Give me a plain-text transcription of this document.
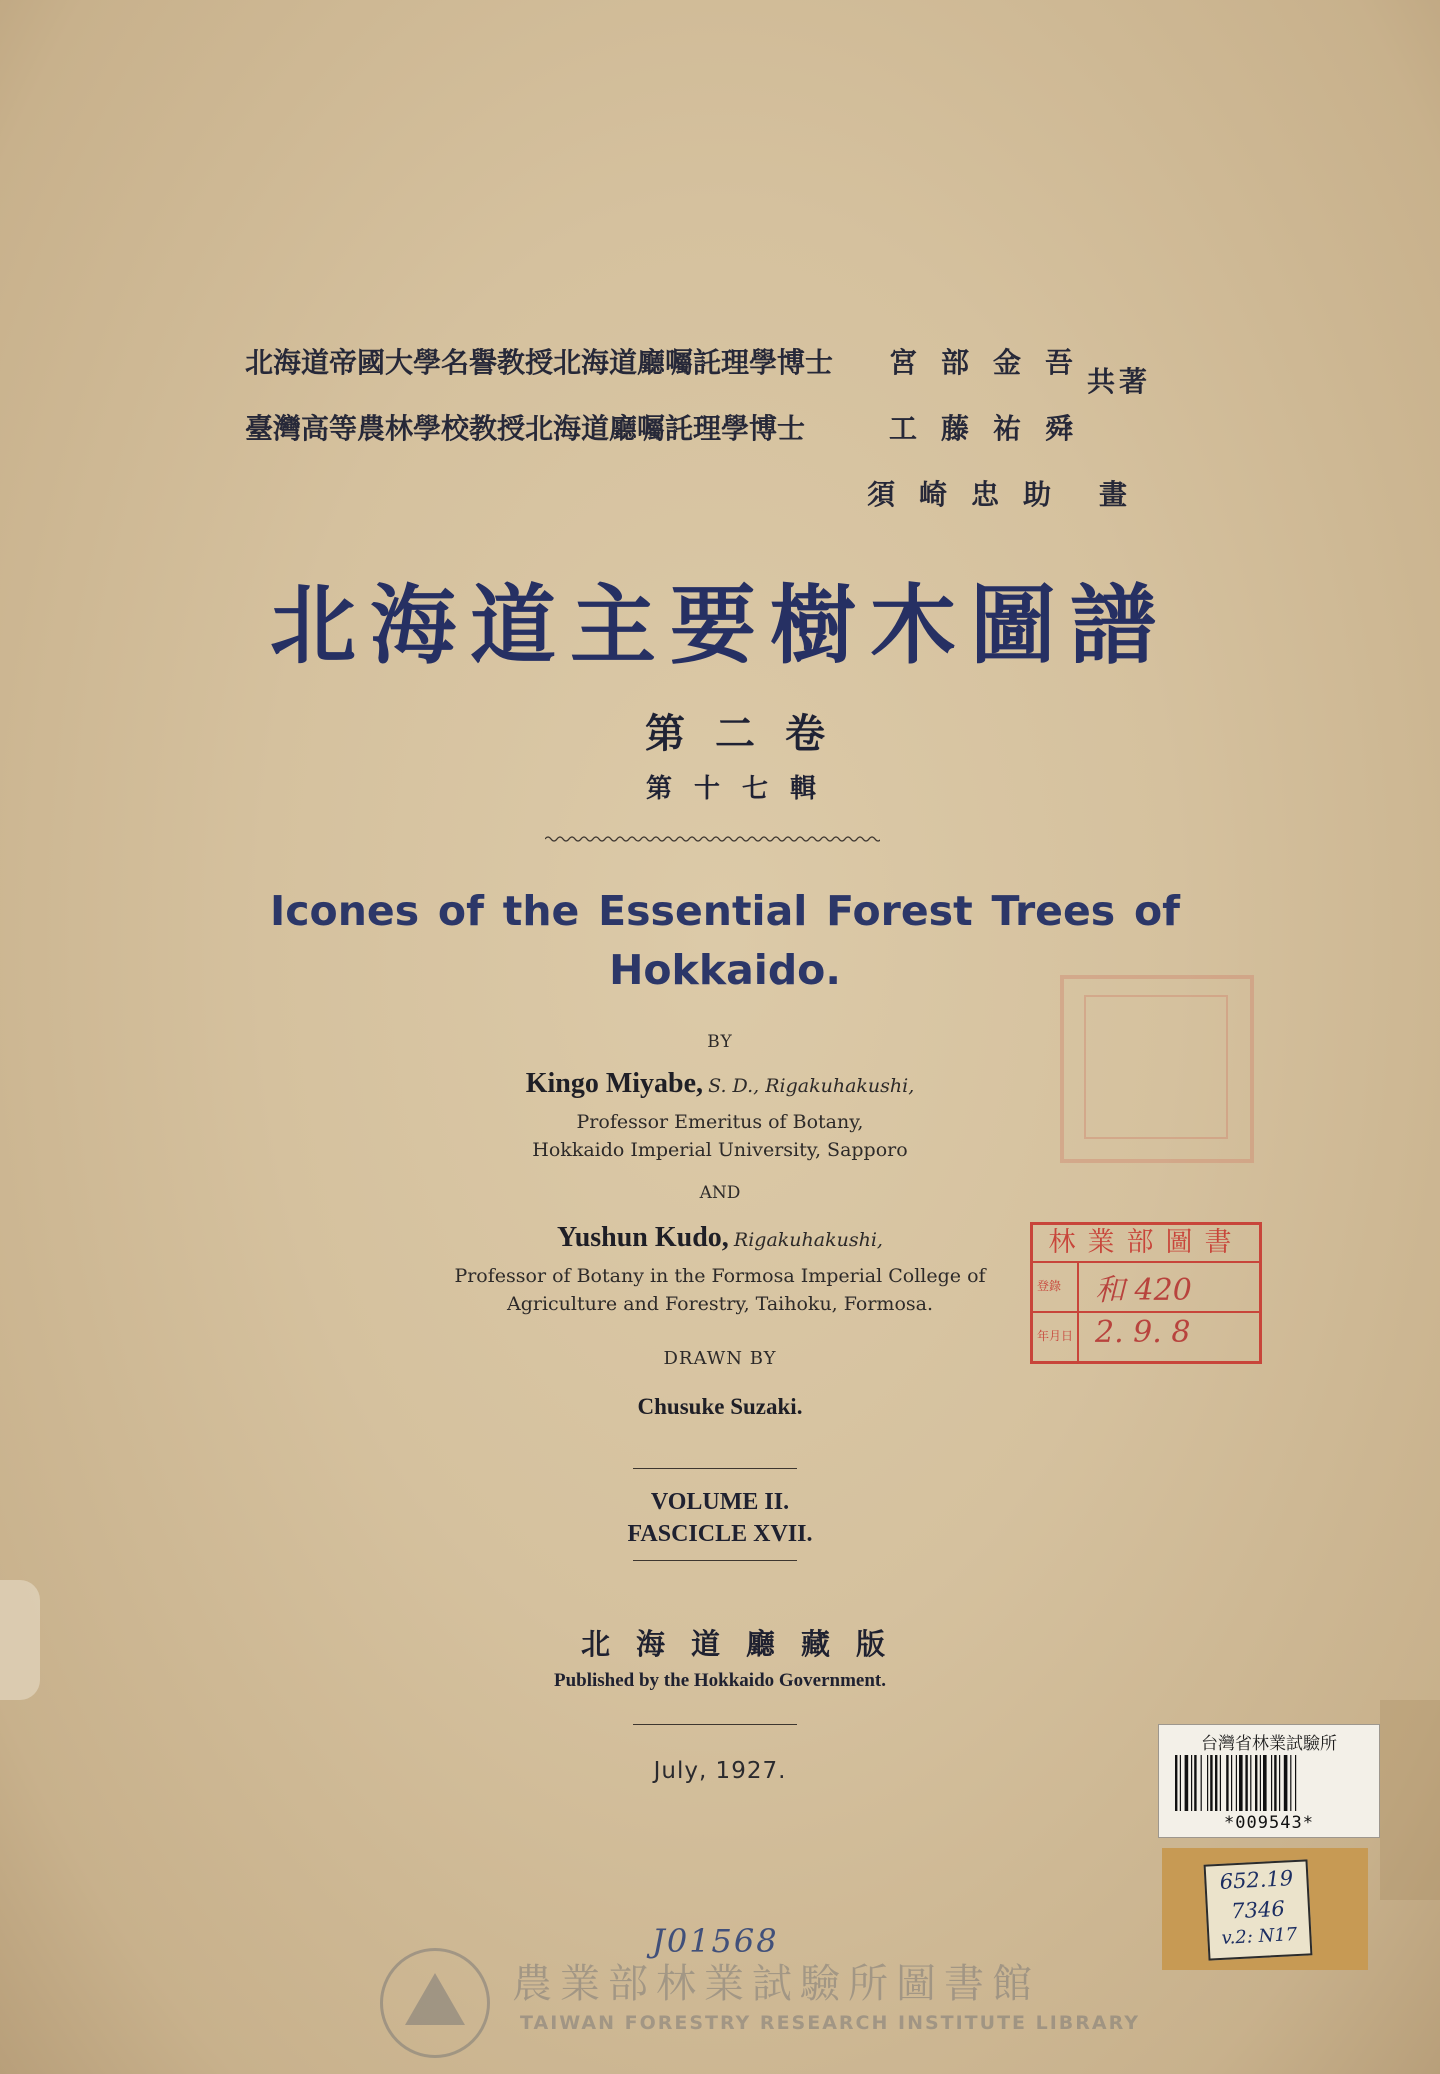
北海道帝國大學名譽教授北海道廳囑託理學博士	宮部金吾
臺灣高等農林學校教授北海道廳囑託理學博士	工藤祐舜
須崎忠助 畫
共著
北海道主要樹木圖譜
第二卷
第十七輯
Icones of the Essential Forest Trees of
Hokkaido.
BY
Kingo Miyabe, S. D., Rigakuhakushi,
Professor Emeritus of Botany,
Hokkaido Imperial University, Sapporo
AND
Yushun Kudo, Rigakuhakushi,
Professor of Botany in the Formosa Imperial College of
Agriculture and Forestry, Taihoku, Formosa.
DRAWN BY
Chusuke Suzaki.
VOLUME II.
FASCICLE XVII.
北海道廳藏版
Published by the Hokkaido Government.
July, 1927.
林業部圖書
登錄
年月日
和 420
2. 9. 8
台灣省林業試驗所
*009543*
652.19
7346
v.2: N17
J01568
農業部林業試驗所圖書館
TAIWAN FORESTRY RESEARCH INSTITUTE LIBRARY
